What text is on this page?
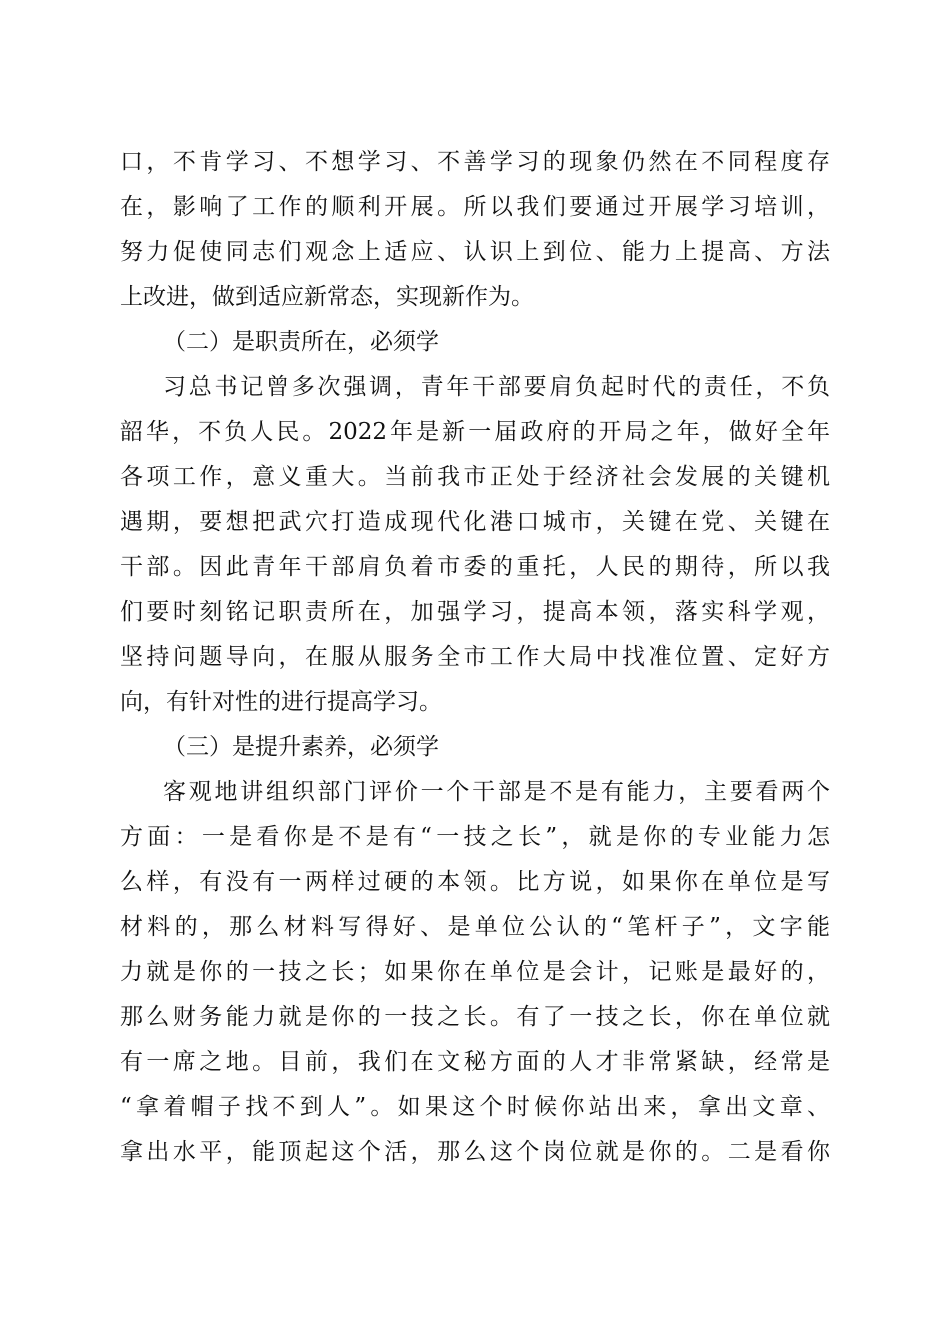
口，不肯学习、不想学习、不善学习的现象仍然在不同程度存
在，影响了工作的顺利开展。所以我们要通过开展学习培训，
努力促使同志们观念上适应、认识上到位、能力上提高、方法
上改进，做到适应新常态，实现新作为。
（二）是职责所在，必须学
习总书记曾多次强调，青年干部要肩负起时代的责任，不负
韶华，不负人民。2022年是新一届政府的开局之年，做好全年
各项工作，意义重大。当前我市正处于经济社会发展的关键机
遇期，要想把武穴打造成现代化港口城市，关键在党、关键在
干部。因此青年干部肩负着市委的重托，人民的期待，所以我
们要时刻铭记职责所在，加强学习，提高本领，落实科学观，
坚持问题导向，在服从服务全市工作大局中找准位置、定好方
向，有针对性的进行提高学习。
（三）是提升素养，必须学
客观地讲组织部门评价一个干部是不是有能力，主要看两个
方面：一是看你是不是有“一技之长”，就是你的专业能力怎
么样，有没有一两样过硬的本领。比方说，如果你在单位是写
材料的，那么材料写得好、是单位公认的“笔杆子”，文字能
力就是你的一技之长；如果你在单位是会计，记账是最好的，
那么财务能力就是你的一技之长。有了一技之长，你在单位就
有一席之地。目前，我们在文秘方面的人才非常紧缺，经常是
“拿着帽子找不到人”。如果这个时候你站出来，拿出文章、
拿出水平，能顶起这个活，那么这个岗位就是你的。二是看你
